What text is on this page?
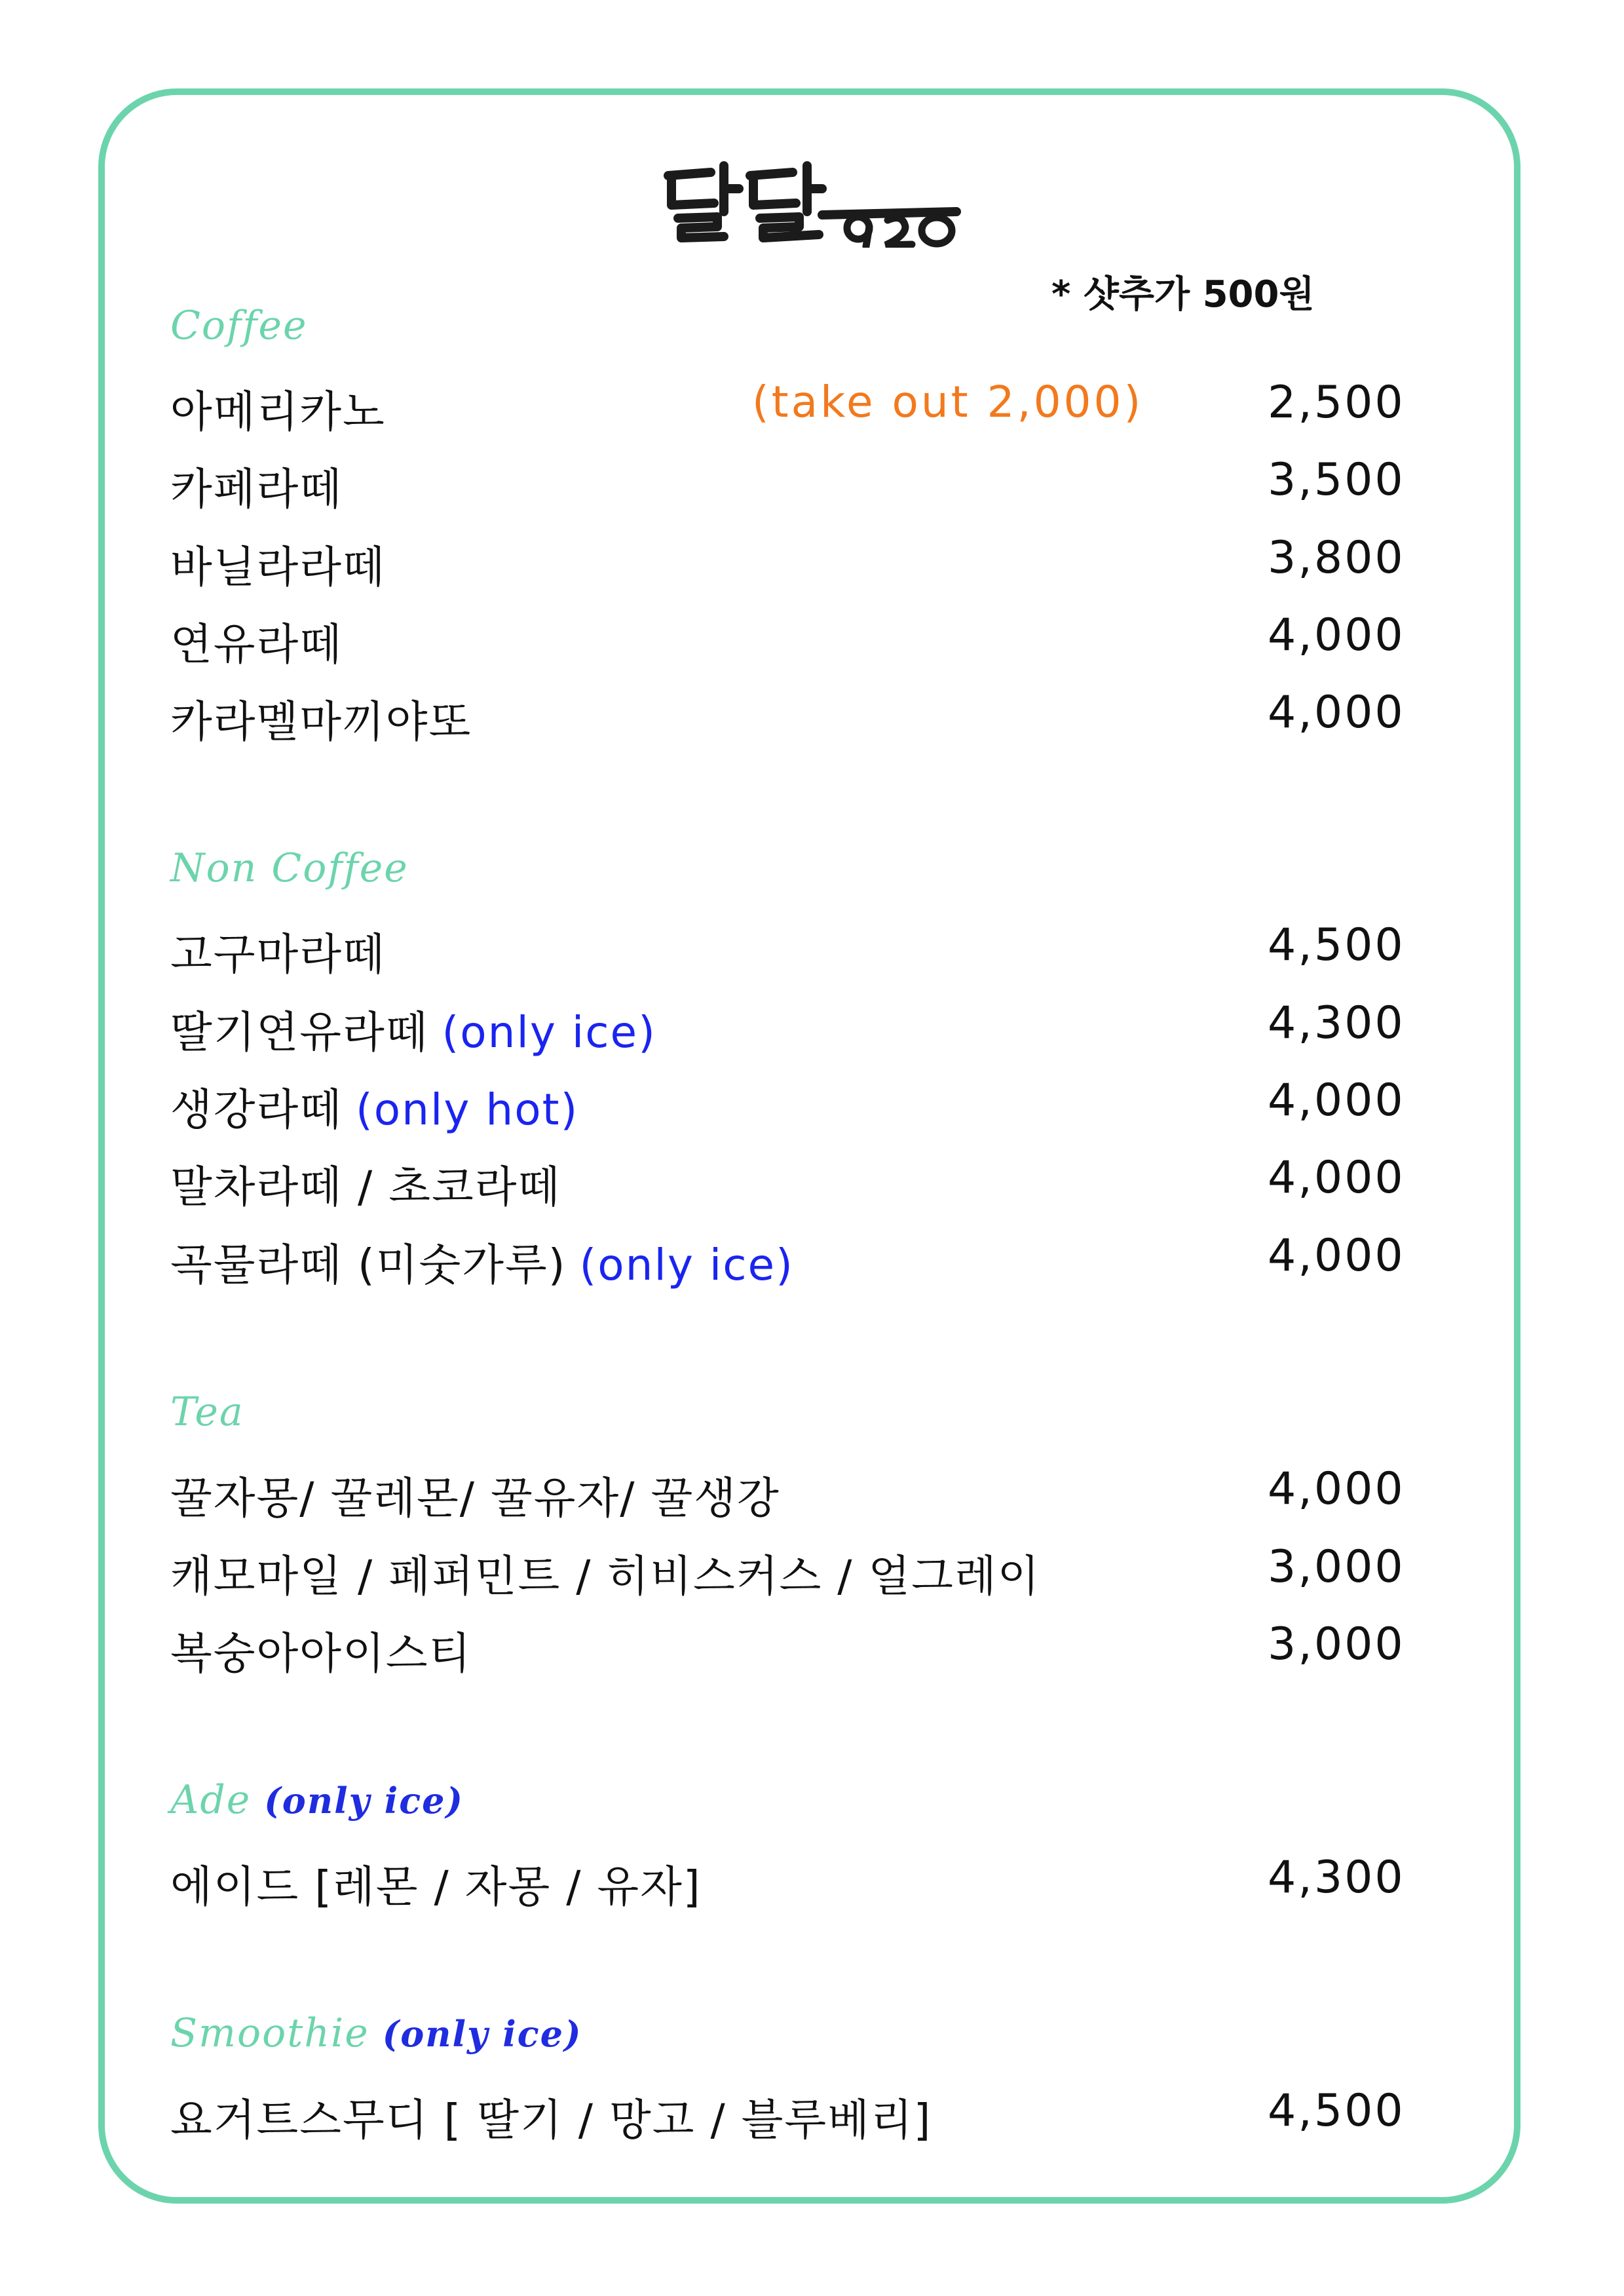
* 샷추가 500원
Coffee
아메리카노	(take out 2,000)	2,500
카페라떼	3,500
바닐라라떼	3,800
연유라떼	4,000
카라멜마끼야또	4,000
Non Coffee
고구마라떼	4,500
딸기연유라떼 (only ice)	4,300
생강라떼 (only hot)	4,000
말차라떼 / 초코라떼	4,000
곡물라떼 (미숫가루) (only ice)	4,000
Tea
꿀자몽/ 꿀레몬/ 꿀유자/ 꿀생강	4,000
캐모마일 / 페퍼민트 / 히비스커스 / 얼그레이	3,000
복숭아아이스티	3,000
Ade (only ice)
에이드 [레몬 / 자몽 / 유자]	4,300
Smoothie (only ice)
요거트스무디 [ 딸기 / 망고 / 블루베리]	4,500
